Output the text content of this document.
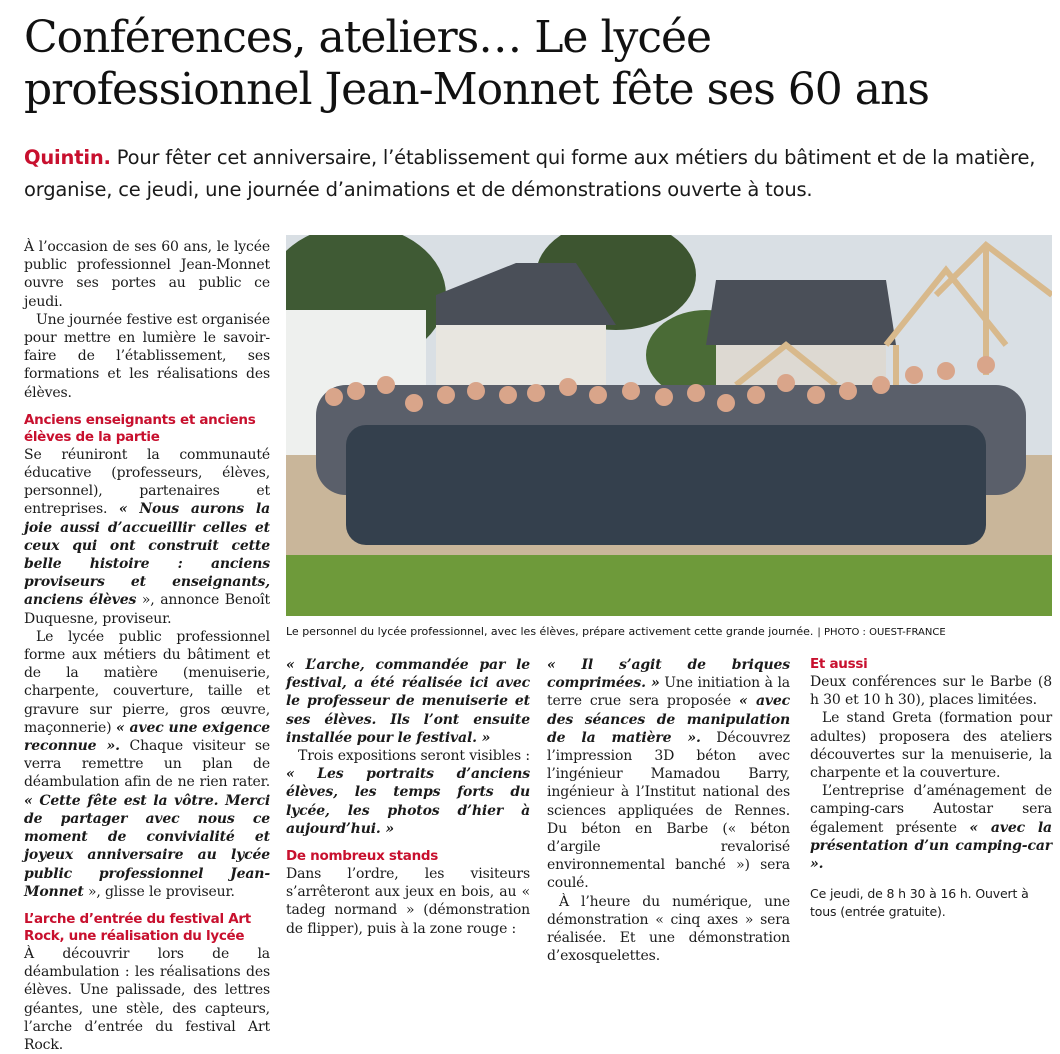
Conférences, ateliers… Le lycée
professionnel Jean-Monnet fête ses 60 ans

Quintin. Pour fêter cet anniversaire, l’établissement qui forme aux métiers du bâtiment et de la matière, organise, ce jeudi, une journée d’animations et de démonstrations ouverte à tous.

À l’occasion de ses 60 ans, le lycée public professionnel Jean-Monnet ouvre ses portes au public ce jeudi.

Une journée festive est organisée pour mettre en lumière le savoir-faire de l’établissement, ses formations et les réalisations des élèves.

Anciens enseignants et anciens élèves de la partie

Se réuniront la communauté éducative (professeurs, élèves, personnel), partenaires et entreprises. « Nous aurons la joie aussi d’accueillir celles et ceux qui ont construit cette belle histoire : anciens proviseurs et enseignants, anciens élèves », annonce Benoît Duquesne, proviseur.

Le lycée public professionnel forme aux métiers du bâtiment et de la matière (menuiserie, charpente, couverture, taille et gravure sur pierre, gros œuvre, maçonnerie) « avec une exigence reconnue ». Chaque visiteur se verra remettre un plan de déambulation afin de ne rien rater. « Cette fête est la vôtre. Merci de partager avec nous ce moment de convivialité et joyeux anniversaire au lycée public professionnel Jean-Monnet », glisse le proviseur.

L’arche d’entrée du festival Art Rock, une réalisation du lycée

À découvrir lors de la déambulation : les réalisations des élèves. Une palissade, des lettres géantes, une stèle, des capteurs, l’arche d’entrée du festival Art Rock.

Le personnel du lycée professionnel, avec les élèves, prépare activement cette grande journée. | PHOTO : OUEST-FRANCE

« L’arche, commandée par le festival, a été réalisée ici avec le professeur de menuiserie et ses élèves. Ils l’ont ensuite installée pour le festival. »

Trois expositions seront visibles : « Les portraits d’anciens élèves, les temps forts du lycée, les photos d’hier à aujourd’hui. »

De nombreux stands

Dans l’ordre, les visiteurs s’arrêteront aux jeux en bois, au « tadeg normand » (démonstration de flipper), puis à la zone rouge :

« Il s’agit de briques comprimées. » Une initiation à la terre crue sera proposée « avec des séances de manipulation de la matière ». Découvrez l’impression 3D béton avec l’ingénieur Mamadou Barry, ingénieur à l’Institut national des sciences appliquées de Rennes. Du béton en Barbe (« béton d’argile revalorisé environnemental banché ») sera coulé.

À l’heure du numérique, une démonstration « cinq axes » sera réalisée. Et une démonstration d’exosquelettes.

Et aussi

Deux conférences sur le Barbe (8 h 30 et 10 h 30), places limitées.

Le stand Greta (formation pour adultes) proposera des ateliers découvertes sur la menuiserie, la charpente et la couverture.

L’entreprise d’aménagement de camping-cars Autostar sera également présente « avec la présentation d’un camping-car ».

Ce jeudi, de 8 h 30 à 16 h. Ouvert à tous (entrée gratuite).
